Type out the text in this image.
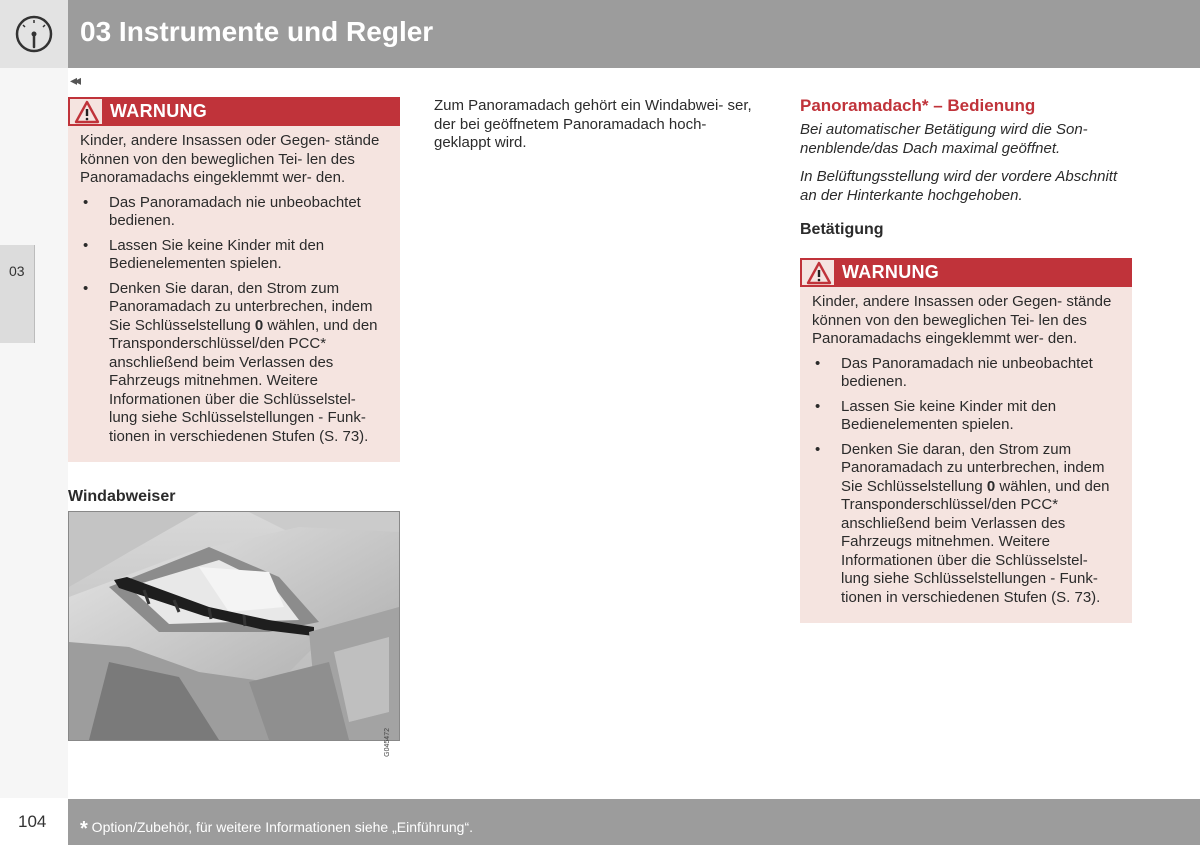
03 Instrumente und Regler
03
◂◂
WARNUNG

Kinder, andere Insassen oder Gegen- stände können von den beweglichen Tei- len des Panoramadachs eingeklemmt wer- den.

• Das Panoramadach nie unbeobachtet bedienen.
• Lassen Sie keine Kinder mit den Bedienelementen spielen.
• Denken Sie daran, den Strom zum Panoramadach zu unterbrechen, indem Sie Schlüsselstellung 0 wählen, und den Transponderschlüssel/den PCC* anschließend beim Verlassen des Fahrzeugs mitnehmen. Weitere Informationen über die Schlüsselstel- lung siehe Schlüsselstellungen - Funk- tionen in verschiedenen Stufen (S. 73).
Windabweiser
G045472
Zum Panoramadach gehört ein Windabwei- ser, der bei geöffnetem Panoramadach hoch- geklappt wird.
Panoramadach* – Bedienung

Bei automatischer Betätigung wird die Son- nenblende/das Dach maximal geöffnet.

In Belüftungsstellung wird der vordere Abschnitt an der Hinterkante hochgehoben.

Betätigung
WARNUNG

Kinder, andere Insassen oder Gegen- stände können von den beweglichen Tei- len des Panoramadachs eingeklemmt wer- den.

• Das Panoramadach nie unbeobachtet bedienen.
• Lassen Sie keine Kinder mit den Bedienelementen spielen.
• Denken Sie daran, den Strom zum Panoramadach zu unterbrechen, indem Sie Schlüsselstellung 0 wählen, und den Transponderschlüssel/den PCC* anschließend beim Verlassen des Fahrzeugs mitnehmen. Weitere Informationen über die Schlüsselstel- lung siehe Schlüsselstellungen - Funk- tionen in verschiedenen Stufen (S. 73).
104 * Option/Zubehör, für weitere Informationen siehe „Einführung“.
